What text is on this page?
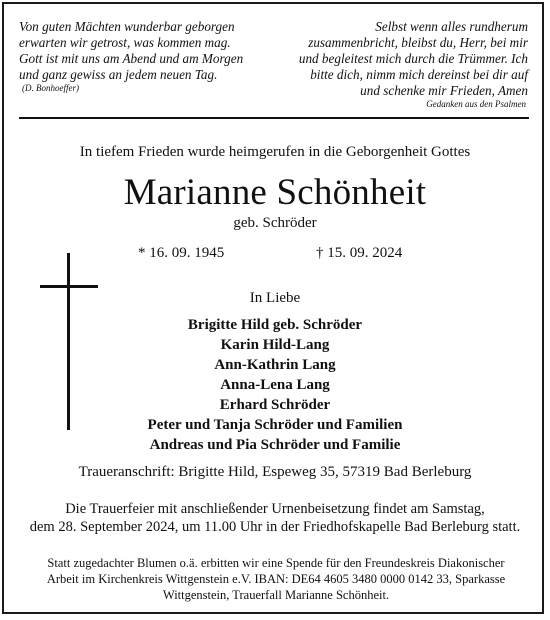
Von guten Mächten wunderbar geborgen
erwarten wir getrost, was kommen mag.
Gott ist mit uns am Abend und am Morgen
und ganz gewiss an jedem neuen Tag.
(D. Bonhoeffer)
Selbst wenn alles rundherum
zusammenbricht, bleibst du, Herr, bei mir
und begleitest mich durch die Trümmer. Ich
bitte dich, nimm mich dereinst bei dir auf
und schenke mir Frieden, Amen
Gedanken aus den Psalmen
In tiefem Frieden wurde heimgerufen in die Geborgenheit Gottes
Marianne Schönheit
geb. Schröder
* 16. 09. 1945	† 15. 09. 2024
In Liebe
Brigitte Hild geb. Schröder
Karin Hild-Lang
Ann-Kathrin Lang
Anna-Lena Lang
Erhard Schröder
Peter und Tanja Schröder und Familien
Andreas und Pia Schröder und Familie
Traueranschrift: Brigitte Hild, Espeweg 35, 57319 Bad Berleburg
Die Trauerfeier mit anschließender Urnenbeisetzung findet am Samstag,
dem 28. September 2024, um 11.00 Uhr in der Friedhofskapelle Bad Berleburg statt.
Statt zugedachter Blumen o.ä. erbitten wir eine Spende für den Freundeskreis Diakonischer
Arbeit im Kirchenkreis Wittgenstein e.V. IBAN: DE64 4605 3480 0000 0142 33, Sparkasse
Wittgenstein, Trauerfall Marianne Schönheit.
